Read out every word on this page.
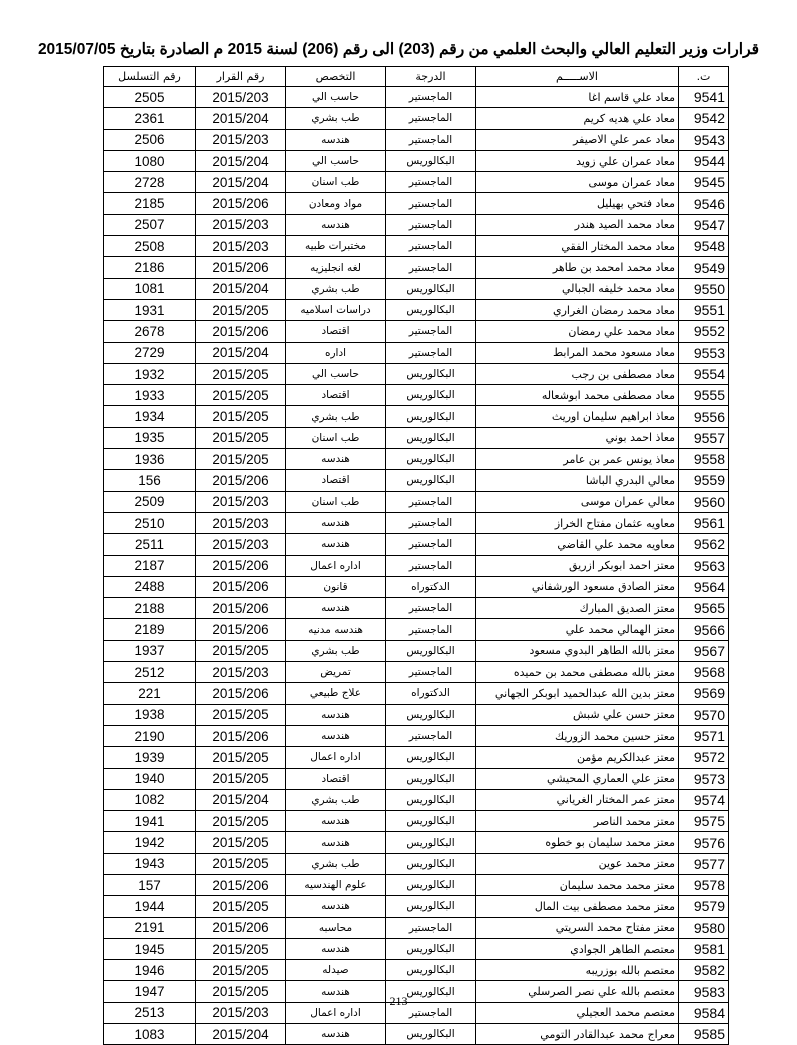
قرارات وزير التعليم العالي والبحث العلمي من رقم (203) الى رقم (206) لسنة 2015 م الصادرة بتاريخ 2015/07/05
ت.	الاســـــم	الدرجة	التخصص	رقم القرار	رقم التسلسل
9541	معاد علي قاسم اغا	الماجستير	حاسب الي	2015/203	2505
9542	معاد علي هديه كريم	الماجستير	طب بشري	2015/204	2361
9543	معاد عمر علي الاصيفر	الماجستير	هندسه	2015/203	2506
9544	معاد عمران علي زويد	البكالوريس	حاسب الي	2015/204	1080
9545	معاد عمران موسى	الماجستير	طب اسنان	2015/204	2728
9546	معاد فتحي بهيليل	الماجستير	مواد ومعادن	2015/206	2185
9547	معاد محمد الصيد هندر	الماجستير	هندسه	2015/203	2507
9548	معاد محمد المختار الفقي	الماجستير	مختبرات طبيه	2015/203	2508
9549	معاد محمد امحمد بن طاهر	الماجستير	لغه انجليزيه	2015/206	2186
9550	معاد محمد خليفه الجبالي	البكالوريس	طب بشري	2015/204	1081
9551	معاد محمد رمضان الغراري	البكالوريس	دراسات اسلاميه	2015/205	1931
9552	معاد محمد علي رمضان	الماجستير	اقتصاد	2015/206	2678
9553	معاد مسعود محمد المرابط	الماجستير	اداره	2015/204	2729
9554	معاد مصطفى بن رجب	البكالوريس	حاسب الي	2015/205	1932
9555	معاد مصطفى محمد ابوشعاله	البكالوريس	اقتصاد	2015/205	1933
9556	معاذ ابراهيم سليمان اوريث	البكالوريس	طب بشري	2015/205	1934
9557	معاذ احمد بوني	البكالوريس	طب اسنان	2015/205	1935
9558	معاذ يونس عمر بن عامر	البكالوريس	هندسه	2015/205	1936
9559	معالي البدري الباشا	البكالوريس	اقتصاد	2015/206	156
9560	معالي عمران موسى	الماجستير	طب اسنان	2015/203	2509
9561	معاويه عثمان مفتاح الخراز	الماجستير	هندسه	2015/203	2510
9562	معاويه محمد علي القاضي	الماجستير	هندسه	2015/203	2511
9563	معتز احمد ابوبكر ازريق	الماجستير	اداره اعمال	2015/206	2187
9564	معتز الصادق مسعود الورشفاني	الدكتوراه	قانون	2015/206	2488
9565	معتز الصديق المبارك	الماجستير	هندسه	2015/206	2188
9566	معتز الهمالي محمد علي	الماجستير	هندسه مدنيه	2015/206	2189
9567	معتز بالله الطاهر البدوي مسعود	البكالوريس	طب بشري	2015/205	1937
9568	معتز بالله مصطفى محمد بن حميده	الماجستير	تمريض	2015/203	2512
9569	معتز بدين الله عبدالحميد ابوبكر الجهاني	الدكتوراه	علاج طبيعي	2015/206	221
9570	معتز حسن علي شبش	البكالوريس	هندسه	2015/205	1938
9571	معتز حسين محمد الزوريك	الماجستير	هندسه	2015/206	2190
9572	معتز عبدالكريم مؤمن	البكالوريس	اداره اعمال	2015/205	1939
9573	معتز علي العماري المحيشي	البكالوريس	اقتصاد	2015/205	1940
9574	معتز عمر المختار الغرياني	البكالوريس	طب بشري	2015/204	1082
9575	معتز محمد الناصر	البكالوريس	هندسه	2015/205	1941
9576	معتز محمد سليمان بو خطوه	البكالوريس	هندسه	2015/205	1942
9577	معتز محمد عوين	البكالوريس	طب بشري	2015/205	1943
9578	معتز محمد محمد سليمان	البكالوريس	علوم الهندسيه	2015/206	157
9579	معتز محمد مصطفى بيت المال	البكالوريس	هندسه	2015/205	1944
9580	معتز مفتاح محمد السريتي	الماجستير	محاسبه	2015/206	2191
9581	معتصم الطاهر الجوادي	البكالوريس	هندسه	2015/205	1945
9582	معتصم بالله بوزريبه	البكالوريس	صيدله	2015/205	1946
9583	معتصم بالله علي نصر الصرسلي	البكالوريس	هندسه	2015/205	1947
9584	معتصم محمد العجيلي	الماجستير	اداره اعمال	2015/203	2513
9585	معراج محمد عبدالقادر التومي	البكالوريس	هندسه	2015/204	1083
213
